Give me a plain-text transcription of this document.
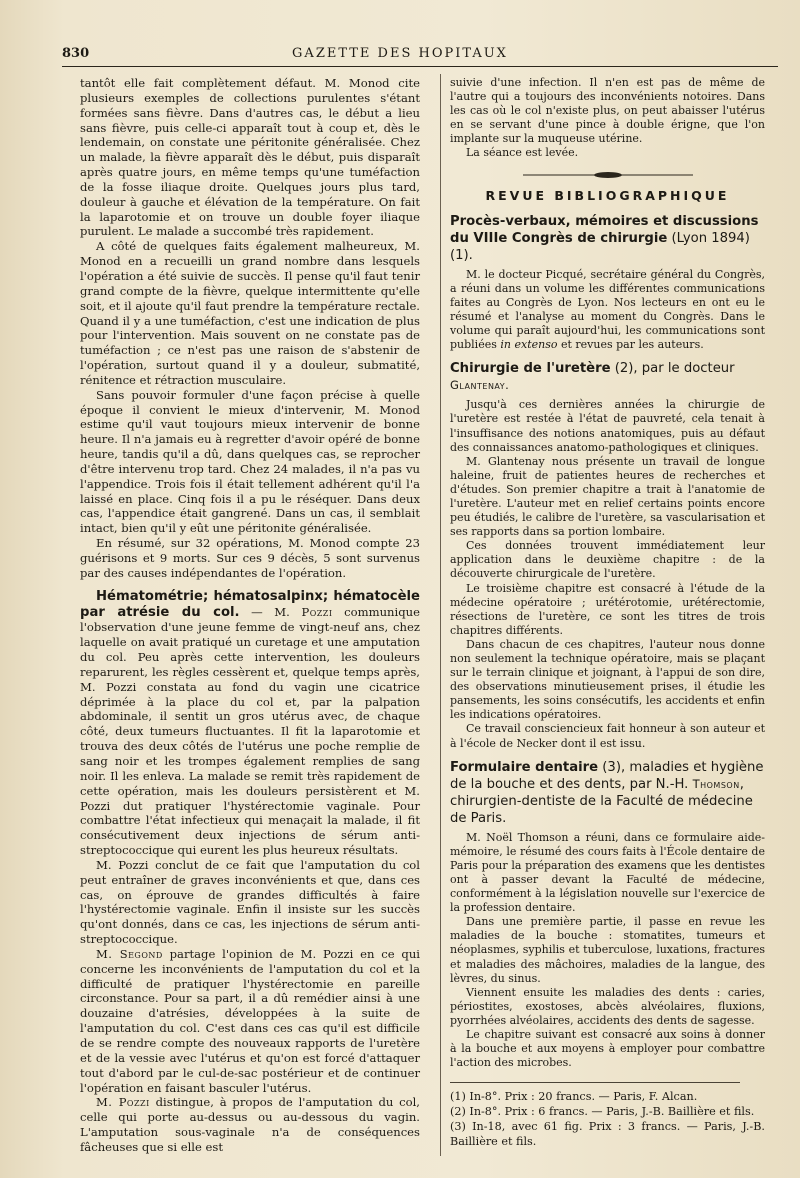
830	GAZETTE DES HOPITAUX

tantôt elle fait complètement défaut. M. Monod cite plusieurs exemples de collections purulentes s'étant formées sans fièvre. Dans d'autres cas, le début a lieu sans fièvre, puis celle-ci apparaît tout à coup et, dès le lendemain, on constate une péritonite généralisée. Chez un malade, la fièvre apparaît dès le début, puis disparaît après quatre jours, en même temps qu'une tuméfaction de la fosse iliaque droite. Quelques jours plus tard, douleur à gauche et élévation de la température. On fait la laparotomie et on trouve un double foyer iliaque purulent. Le malade a succombé très rapidement.

A côté de quelques faits également malheureux, M. Monod en a recueilli un grand nombre dans lesquels l'opération a été suivie de succès. Il pense qu'il faut tenir grand compte de la fièvre, quelque intermittente qu'elle soit, et il ajoute qu'il faut prendre la température rectale. Quand il y a une tuméfaction, c'est une indication de plus pour l'intervention. Mais souvent on ne constate pas de tuméfaction ; ce n'est pas une raison de s'abstenir de l'opération, surtout quand il y a douleur, submatité, rénitence et rétraction musculaire.

Sans pouvoir formuler d'une façon précise à quelle époque il convient le mieux d'intervenir, M. Monod estime qu'il vaut toujours mieux intervenir de bonne heure. Il n'a jamais eu à regretter d'avoir opéré de bonne heure, tandis qu'il a dû, dans quelques cas, se reprocher d'être intervenu trop tard. Chez 24 malades, il n'a pas vu l'appendice. Trois fois il était tellement adhérent qu'il l'a laissé en place. Cinq fois il a pu le réséquer. Dans deux cas, l'appendice était gangrené. Dans un cas, il semblait intact, bien qu'il y eût une péritonite généralisée.

En résumé, sur 32 opérations, M. Monod compte 23 guérisons et 9 morts. Sur ces 9 décès, 5 sont survenus par des causes indépendantes de l'opération.

Hématométrie; hématosalpinx; hématocèle par atrésie du col. — M. Pozzi communique l'observation d'une jeune femme de vingt-neuf ans, chez laquelle on avait pratiqué un curetage et une amputation du col. Peu après cette intervention, les douleurs reparurent, les règles cessèrent et, quelque temps après, M. Pozzi constata au fond du vagin une cicatrice déprimée à la place du col et, par la palpation abdominale, il sentit un gros utérus avec, de chaque côté, deux tumeurs fluctuantes. Il fit la laparotomie et trouva des deux côtés de l'utérus une poche remplie de sang noir et les trompes également remplies de sang noir. Il les enleva. La malade se remit très rapidement de cette opération, mais les douleurs persistèrent et M. Pozzi dut pratiquer l'hystérectomie vaginale. Pour combattre l'état infectieux qui menaçait la malade, il fit consécutivement deux injections de sérum anti-streptococcique qui eurent les plus heureux résultats.

M. Pozzi conclut de ce fait que l'amputation du col peut entraîner de graves inconvénients et que, dans ces cas, on éprouve de grandes difficultés à faire l'hystérectomie vaginale. Enfin il insiste sur les succès qu'ont donnés, dans ce cas, les injections de sérum anti-streptococcique.

M. Segond partage l'opinion de M. Pozzi en ce qui concerne les inconvénients de l'amputation du col et la difficulté de pratiquer l'hystérectomie en pareille circonstance. Pour sa part, il a dû remédier ainsi à une douzaine d'atrésies, développées à la suite de l'amputation du col. C'est dans ces cas qu'il est difficile de se rendre compte des nouveaux rapports de l'uretère et de la vessie avec l'utérus et qu'on est forcé d'attaquer tout d'abord par le cul-de-sac postérieur et de continuer l'opération en faisant basculer l'utérus.

M. Pozzi distingue, à propos de l'amputation du col, celle qui porte au-dessus ou au-dessous du vagin. L'amputation sous-vaginale n'a de conséquences fâcheuses que si elle est

suivie d'une infection. Il n'en est pas de même de l'autre qui a toujours des inconvénients notoires. Dans les cas où le col n'existe plus, on peut abaisser l'utérus en se servant d'une pince à double érigne, que l'on implante sur la muqueuse utérine.

La séance est levée.

REVUE BIBLIOGRAPHIQUE
Procès-verbaux, mémoires et discussions du VIIIe Congrès de chirurgie (Lyon 1894) (1).

M. le docteur Picqué, secrétaire général du Congrès, a réuni dans un volume les différentes communications faites au Congrès de Lyon. Nos lecteurs en ont eu le résumé et l'analyse au moment du Congrès. Dans le volume qui paraît aujourd'hui, les communications sont publiées in extenso et revues par les auteurs.

Chirurgie de l'uretère (2), par le docteur Glantenay.

Jusqu'à ces dernières années la chirurgie de l'uretère est restée à l'état de pauvreté, cela tenait à l'insuffisance des notions anatomiques, puis au défaut des connaissances anatomo-pathologiques et cliniques.

M. Glantenay nous présente un travail de longue haleine, fruit de patientes heures de recherches et d'études. Son premier chapitre a trait à l'anatomie de l'uretère. L'auteur met en relief certains points encore peu étudiés, le calibre de l'uretère, sa vascularisation et ses rapports dans sa portion lombaire.

Ces données trouvent immédiatement leur application dans le deuxième chapitre : de la découverte chirurgicale de l'uretère.

Le troisième chapitre est consacré à l'étude de la médecine opératoire ; urétérotomie, urétérectomie, résections de l'uretère, ce sont les titres de trois chapitres différents.

Dans chacun de ces chapitres, l'auteur nous donne non seulement la technique opératoire, mais se plaçant sur le terrain clinique et joignant, à l'appui de son dire, des observations minutieusement prises, il étudie les pansements, les soins consécutifs, les accidents et enfin les indications opératoires.

Ce travail consciencieux fait honneur à son auteur et à l'école de Necker dont il est issu.

Formulaire dentaire (3), maladies et hygiène de la bouche et des dents, par N.-H. Thomson, chirurgien-dentiste de la Faculté de médecine de Paris.

M. Noël Thomson a réuni, dans ce formulaire aide-mémoire, le résumé des cours faits à l'École dentaire de Paris pour la préparation des examens que les dentistes ont à passer devant la Faculté de médecine, conformément à la législation nouvelle sur l'exercice de la profession dentaire.

Dans une première partie, il passe en revue les maladies de la bouche : stomatites, tumeurs et néoplasmes, syphilis et tuberculose, luxations, fractures et maladies des mâchoires, maladies de la langue, des lèvres, du sinus.

Viennent ensuite les maladies des dents : caries, périostites, exostoses, abcès alvéolaires, fluxions, pyorrhées alvéolaires, accidents des dents de sagesse.

Le chapitre suivant est consacré aux soins à donner à la bouche et aux moyens à employer pour combattre l'action des microbes.

(1) In-8°. Prix : 20 francs. — Paris, F. Alcan.

(2) In-8°. Prix : 6 francs. — Paris, J.-B. Baillière et fils.

(3) In-18, avec 61 fig. Prix : 3 francs. — Paris, J.-B. Baillière et fils.
